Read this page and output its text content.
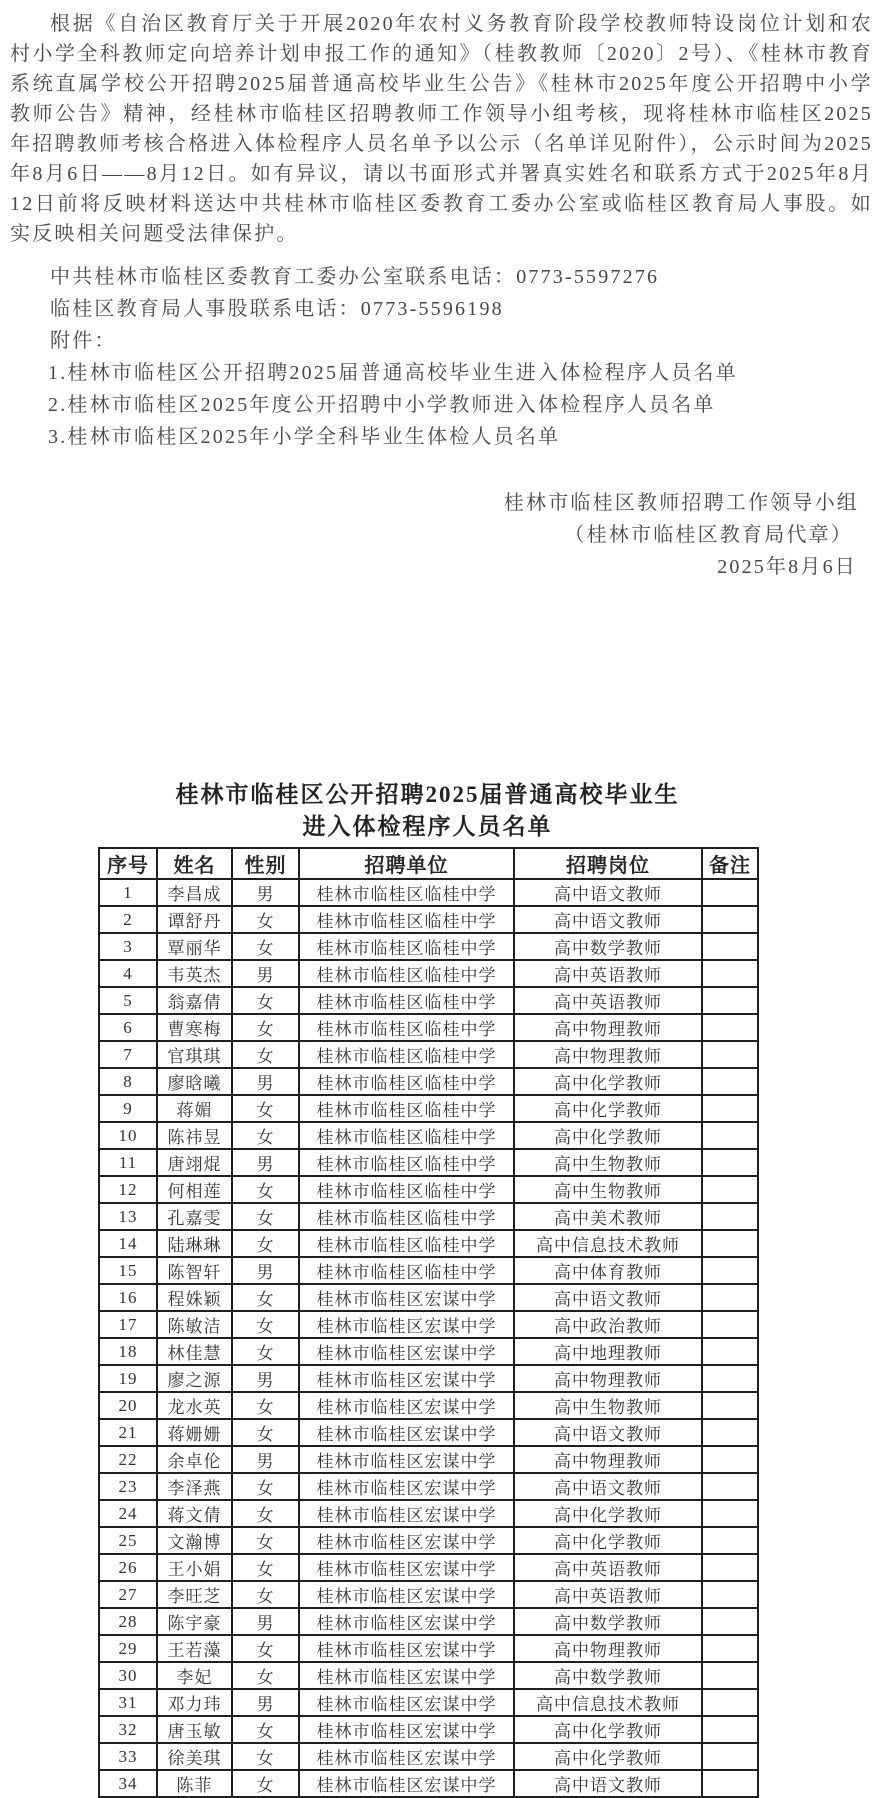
根据《自治区教育厅关于开展2020年农村义务教育阶段学校教师特设岗位计划和农村小学全科教师定向培养计划申报工作的通知》（桂教教师〔2020〕2号）、《桂林市教育系统直属学校公开招聘2025届普通高校毕业生公告》《桂林市2025年度公开招聘中小学教师公告》精神，经桂林市临桂区招聘教师工作领导小组考核，现将桂林市临桂区2025年招聘教师考核合格进入体检程序人员名单予以公示（名单详见附件），公示时间为2025年8月6日——8月12日。如有异议，请以书面形式并署真实姓名和联系方式于2025年8月12日前将反映材料送达中共桂林市临桂区委教育工委办公室或临桂区教育局人事股。如实反映相关问题受法律保护。

中共桂林市临桂区委教育工委办公室联系电话：0773-5597276
临桂区教育局人事股联系电话：0773-5596198
附件：
1.桂林市临桂区公开招聘2025届普通高校毕业生进入体检程序人员名单
2.桂林市临桂区2025年度公开招聘中小学教师进入体检程序人员名单
3.桂林市临桂区2025年小学全科毕业生体检人员名单
桂林市临桂区教师招聘工作领导小组
（桂林市临桂区教育局代章）
2025年8月6日
桂林市临桂区公开招聘2025届普通高校毕业生
进入体检程序人员名单
序号	姓名	性别	招聘单位	招聘岗位	备注
1	李昌成	男	桂林市临桂区临桂中学	高中语文教师	
2	谭舒丹	女	桂林市临桂区临桂中学	高中语文教师	
3	覃丽华	女	桂林市临桂区临桂中学	高中数学教师	
4	韦英杰	男	桂林市临桂区临桂中学	高中英语教师	
5	翁嘉倩	女	桂林市临桂区临桂中学	高中英语教师	
6	曹寒梅	女	桂林市临桂区临桂中学	高中物理教师	
7	官琪琪	女	桂林市临桂区临桂中学	高中物理教师	
8	廖晗曦	男	桂林市临桂区临桂中学	高中化学教师	
9	蒋媚	女	桂林市临桂区临桂中学	高中化学教师	
10	陈祎昱	女	桂林市临桂区临桂中学	高中化学教师	
11	唐翊焜	男	桂林市临桂区临桂中学	高中生物教师	
12	何相莲	女	桂林市临桂区临桂中学	高中生物教师	
13	孔嘉雯	女	桂林市临桂区临桂中学	高中美术教师	
14	陆琳琳	女	桂林市临桂区临桂中学	高中信息技术教师	
15	陈智轩	男	桂林市临桂区临桂中学	高中体育教师	
16	程姝颖	女	桂林市临桂区宏谋中学	高中语文教师	
17	陈敏洁	女	桂林市临桂区宏谋中学	高中政治教师	
18	林佳慧	女	桂林市临桂区宏谋中学	高中地理教师	
19	廖之源	男	桂林市临桂区宏谋中学	高中物理教师	
20	龙水英	女	桂林市临桂区宏谋中学	高中生物教师	
21	蒋姗姗	女	桂林市临桂区宏谋中学	高中语文教师	
22	余卓伦	男	桂林市临桂区宏谋中学	高中物理教师	
23	李泽燕	女	桂林市临桂区宏谋中学	高中语文教师	
24	蒋文倩	女	桂林市临桂区宏谋中学	高中化学教师	
25	文瀚博	女	桂林市临桂区宏谋中学	高中化学教师	
26	王小娟	女	桂林市临桂区宏谋中学	高中英语教师	
27	李旺芝	女	桂林市临桂区宏谋中学	高中英语教师	
28	陈宇豪	男	桂林市临桂区宏谋中学	高中数学教师	
29	王若藻	女	桂林市临桂区宏谋中学	高中物理教师	
30	李妃	女	桂林市临桂区宏谋中学	高中数学教师	
31	邓力玮	男	桂林市临桂区宏谋中学	高中信息技术教师	
32	唐玉敏	女	桂林市临桂区宏谋中学	高中化学教师	
33	徐美琪	女	桂林市临桂区宏谋中学	高中化学教师	
34	陈菲	女	桂林市临桂区宏谋中学	高中语文教师	
